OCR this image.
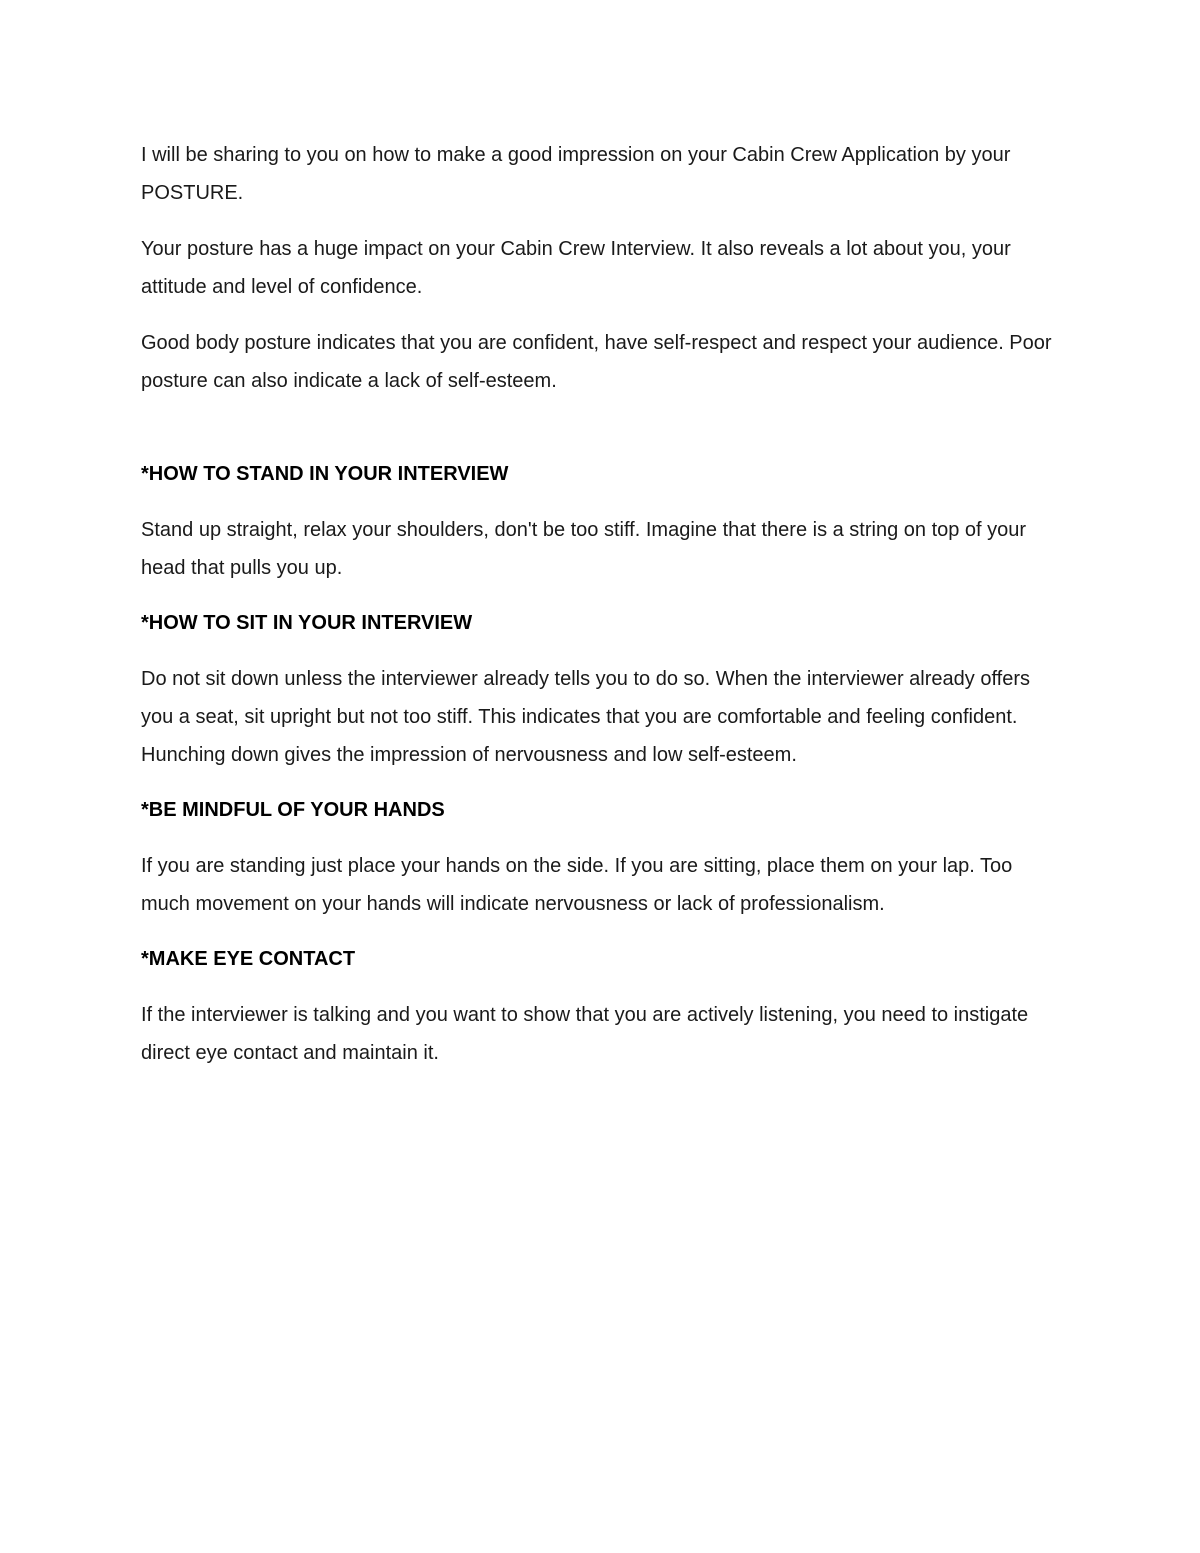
I will be sharing to you on how to make a good impression on your Cabin Crew Application by your POSTURE.

Your posture has a huge impact on your Cabin Crew Interview. It also reveals a lot about you, your attitude and level of confidence.

Good body posture indicates that you are confident, have self-respect and respect your audience. Poor posture can also indicate a lack of self-esteem.

*HOW TO STAND IN YOUR INTERVIEW

Stand up straight, relax your shoulders, don't be too stiff. Imagine that there is a string on top of your head that pulls you up.

*HOW TO SIT IN YOUR INTERVIEW

Do not sit down unless the interviewer already tells you to do so. When the interviewer already offers you a seat, sit upright but not too stiff. This indicates that you are comfortable and feeling confident. Hunching down gives the impression of nervousness and low self-esteem.

*BE MINDFUL OF YOUR HANDS

If you are standing just place your hands on the side. If you are sitting, place them on your lap. Too much movement on your hands will indicate nervousness or lack of professionalism.

*MAKE EYE CONTACT

If the interviewer is talking and you want to show that you are actively listening, you need to instigate direct eye contact and maintain it.
